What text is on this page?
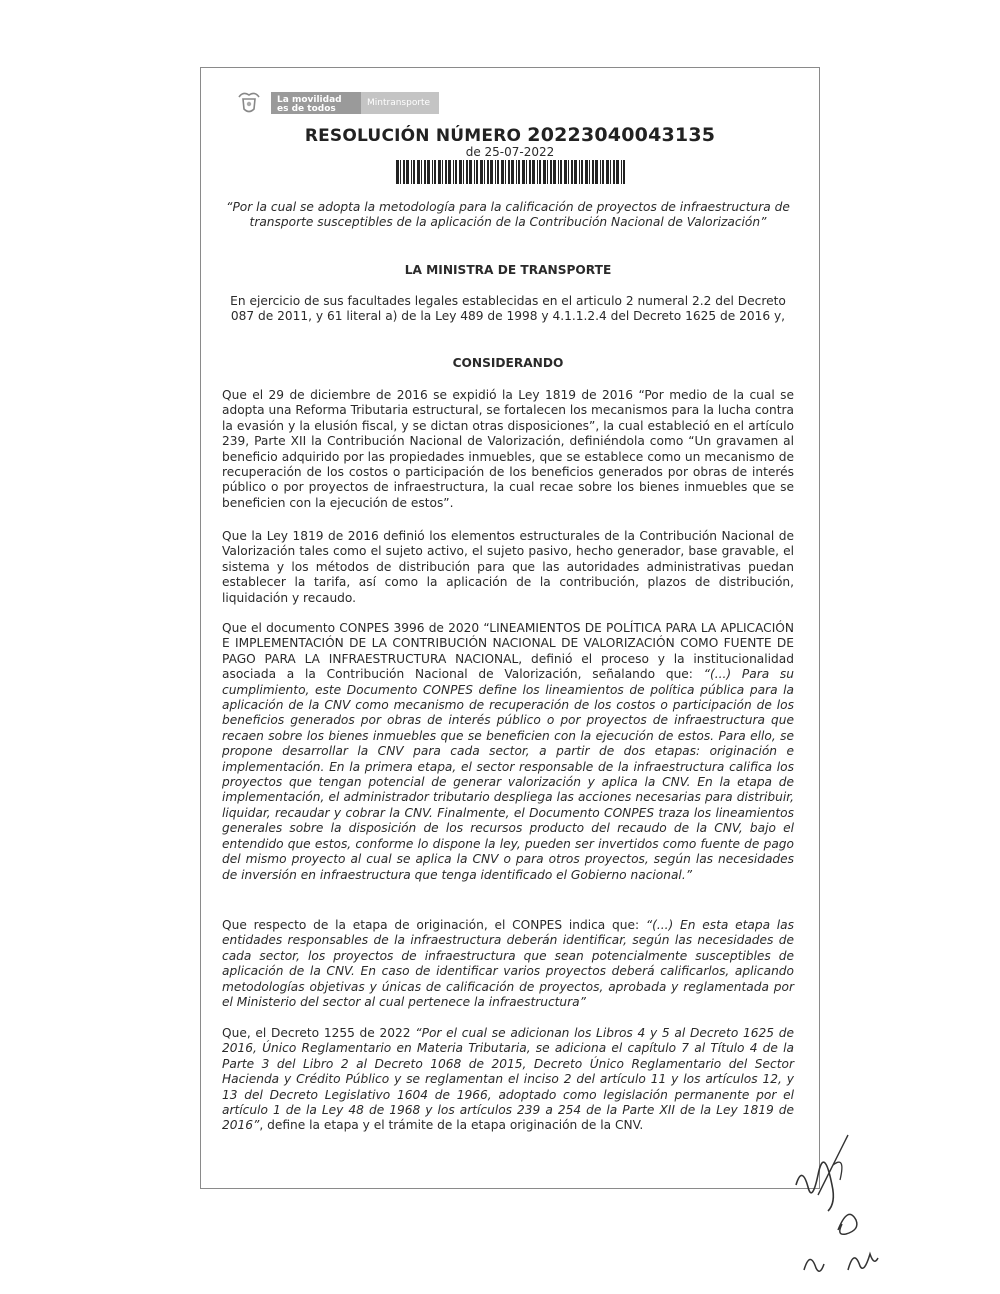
La movilidad
es de todos
Mintransporte
RESOLUCIÓN NÚMERO 20223040043135
de 25-07-2022

“Por la cual se adopta la metodología para la calificación de proyectos de infraestructura de transporte susceptibles de la aplicación de la Contribución Nacional de Valorización”

LA MINISTRA DE TRANSPORTE

En ejercicio de sus facultades legales establecidas en el articulo 2 numeral 2.2 del Decreto 087 de 2011, y 61 literal a) de la Ley 489 de 1998 y 4.1.1.2.4 del Decreto 1625 de 2016 y,

CONSIDERANDO

Que el 29 de diciembre de 2016 se expidió la Ley 1819 de 2016 “Por medio de la cual se adopta una Reforma Tributaria estructural, se fortalecen los mecanismos para la lucha contra la evasión y la elusión fiscal, y se dictan otras disposiciones”, la cual estableció en el artículo 239, Parte XII la Contribución Nacional de Valorización, definiéndola como “Un gravamen al beneficio adquirido por las propiedades inmuebles, que se establece como un mecanismo de recuperación de los costos o participación de los beneficios generados por obras de interés público o por proyectos de infraestructura, la cual recae sobre los bienes inmuebles que se beneficien con la ejecución de estos”.

Que la Ley 1819 de 2016 definió los elementos estructurales de la Contribución Nacional de Valorización tales como el sujeto activo, el sujeto pasivo, hecho generador, base gravable, el sistema y los métodos de distribución para que las autoridades administrativas puedan establecer la tarifa, así como la aplicación de la contribución, plazos de distribución, liquidación y recaudo.

Que el documento CONPES 3996 de 2020 “LINEAMIENTOS DE POLÍTICA PARA LA APLICACIÓN E IMPLEMENTACIÓN DE LA CONTRIBUCIÓN NACIONAL DE VALORIZACIÓN COMO FUENTE DE PAGO PARA LA INFRAESTRUCTURA NACIONAL, definió el proceso y la institucionalidad asociada a la Contribución Nacional de Valorización, señalando que: “(...) Para su cumplimiento, este Documento CONPES define los lineamientos de política pública para la aplicación de la CNV como mecanismo de recuperación de los costos o participación de los beneficios generados por obras de interés público o por proyectos de infraestructura que recaen sobre los bienes inmuebles que se beneficien con la ejecución de estos. Para ello, se propone desarrollar la CNV para cada sector, a partir de dos etapas: originación e implementación. En la primera etapa, el sector responsable de la infraestructura califica los proyectos que tengan potencial de generar valorización y aplica la CNV. En la etapa de implementación, el administrador tributario despliega las acciones necesarias para distribuir, liquidar, recaudar y cobrar la CNV. Finalmente, el Documento CONPES traza los lineamientos generales sobre la disposición de los recursos producto del recaudo de la CNV, bajo el entendido que estos, conforme lo dispone la ley, pueden ser invertidos como fuente de pago del mismo proyecto al cual se aplica la CNV o para otros proyectos, según las necesidades de inversión en infraestructura que tenga identificado el Gobierno nacional.”

Que respecto de la etapa de originación, el CONPES indica que: “(...) En esta etapa las entidades responsables de la infraestructura deberán identificar, según las necesidades de cada sector, los proyectos de infraestructura que sean potencialmente susceptibles de aplicación de la CNV. En caso de identificar varios proyectos deberá calificarlos, aplicando metodologías objetivas y únicas de calificación de proyectos, aprobada y reglamentada por el Ministerio del sector al cual pertenece la infraestructura”

Que, el Decreto 1255 de 2022 “Por el cual se adicionan los Libros 4 y 5 al Decreto 1625 de 2016, Único Reglamentario en Materia Tributaria, se adiciona el capítulo 7 al Título 4 de la Parte 3 del Libro 2 al Decreto 1068 de 2015, Decreto Único Reglamentario del Sector Hacienda y Crédito Público y se reglamentan el inciso 2 del artículo 11 y los artículos 12, y 13 del Decreto Legislativo 1604 de 1966, adoptado como legislación permanente por el artículo 1 de la Ley 48 de 1968 y los artículos 239 a 254 de la Parte XII de la Ley 1819 de 2016”, define la etapa y el trámite de la etapa originación de la CNV.
